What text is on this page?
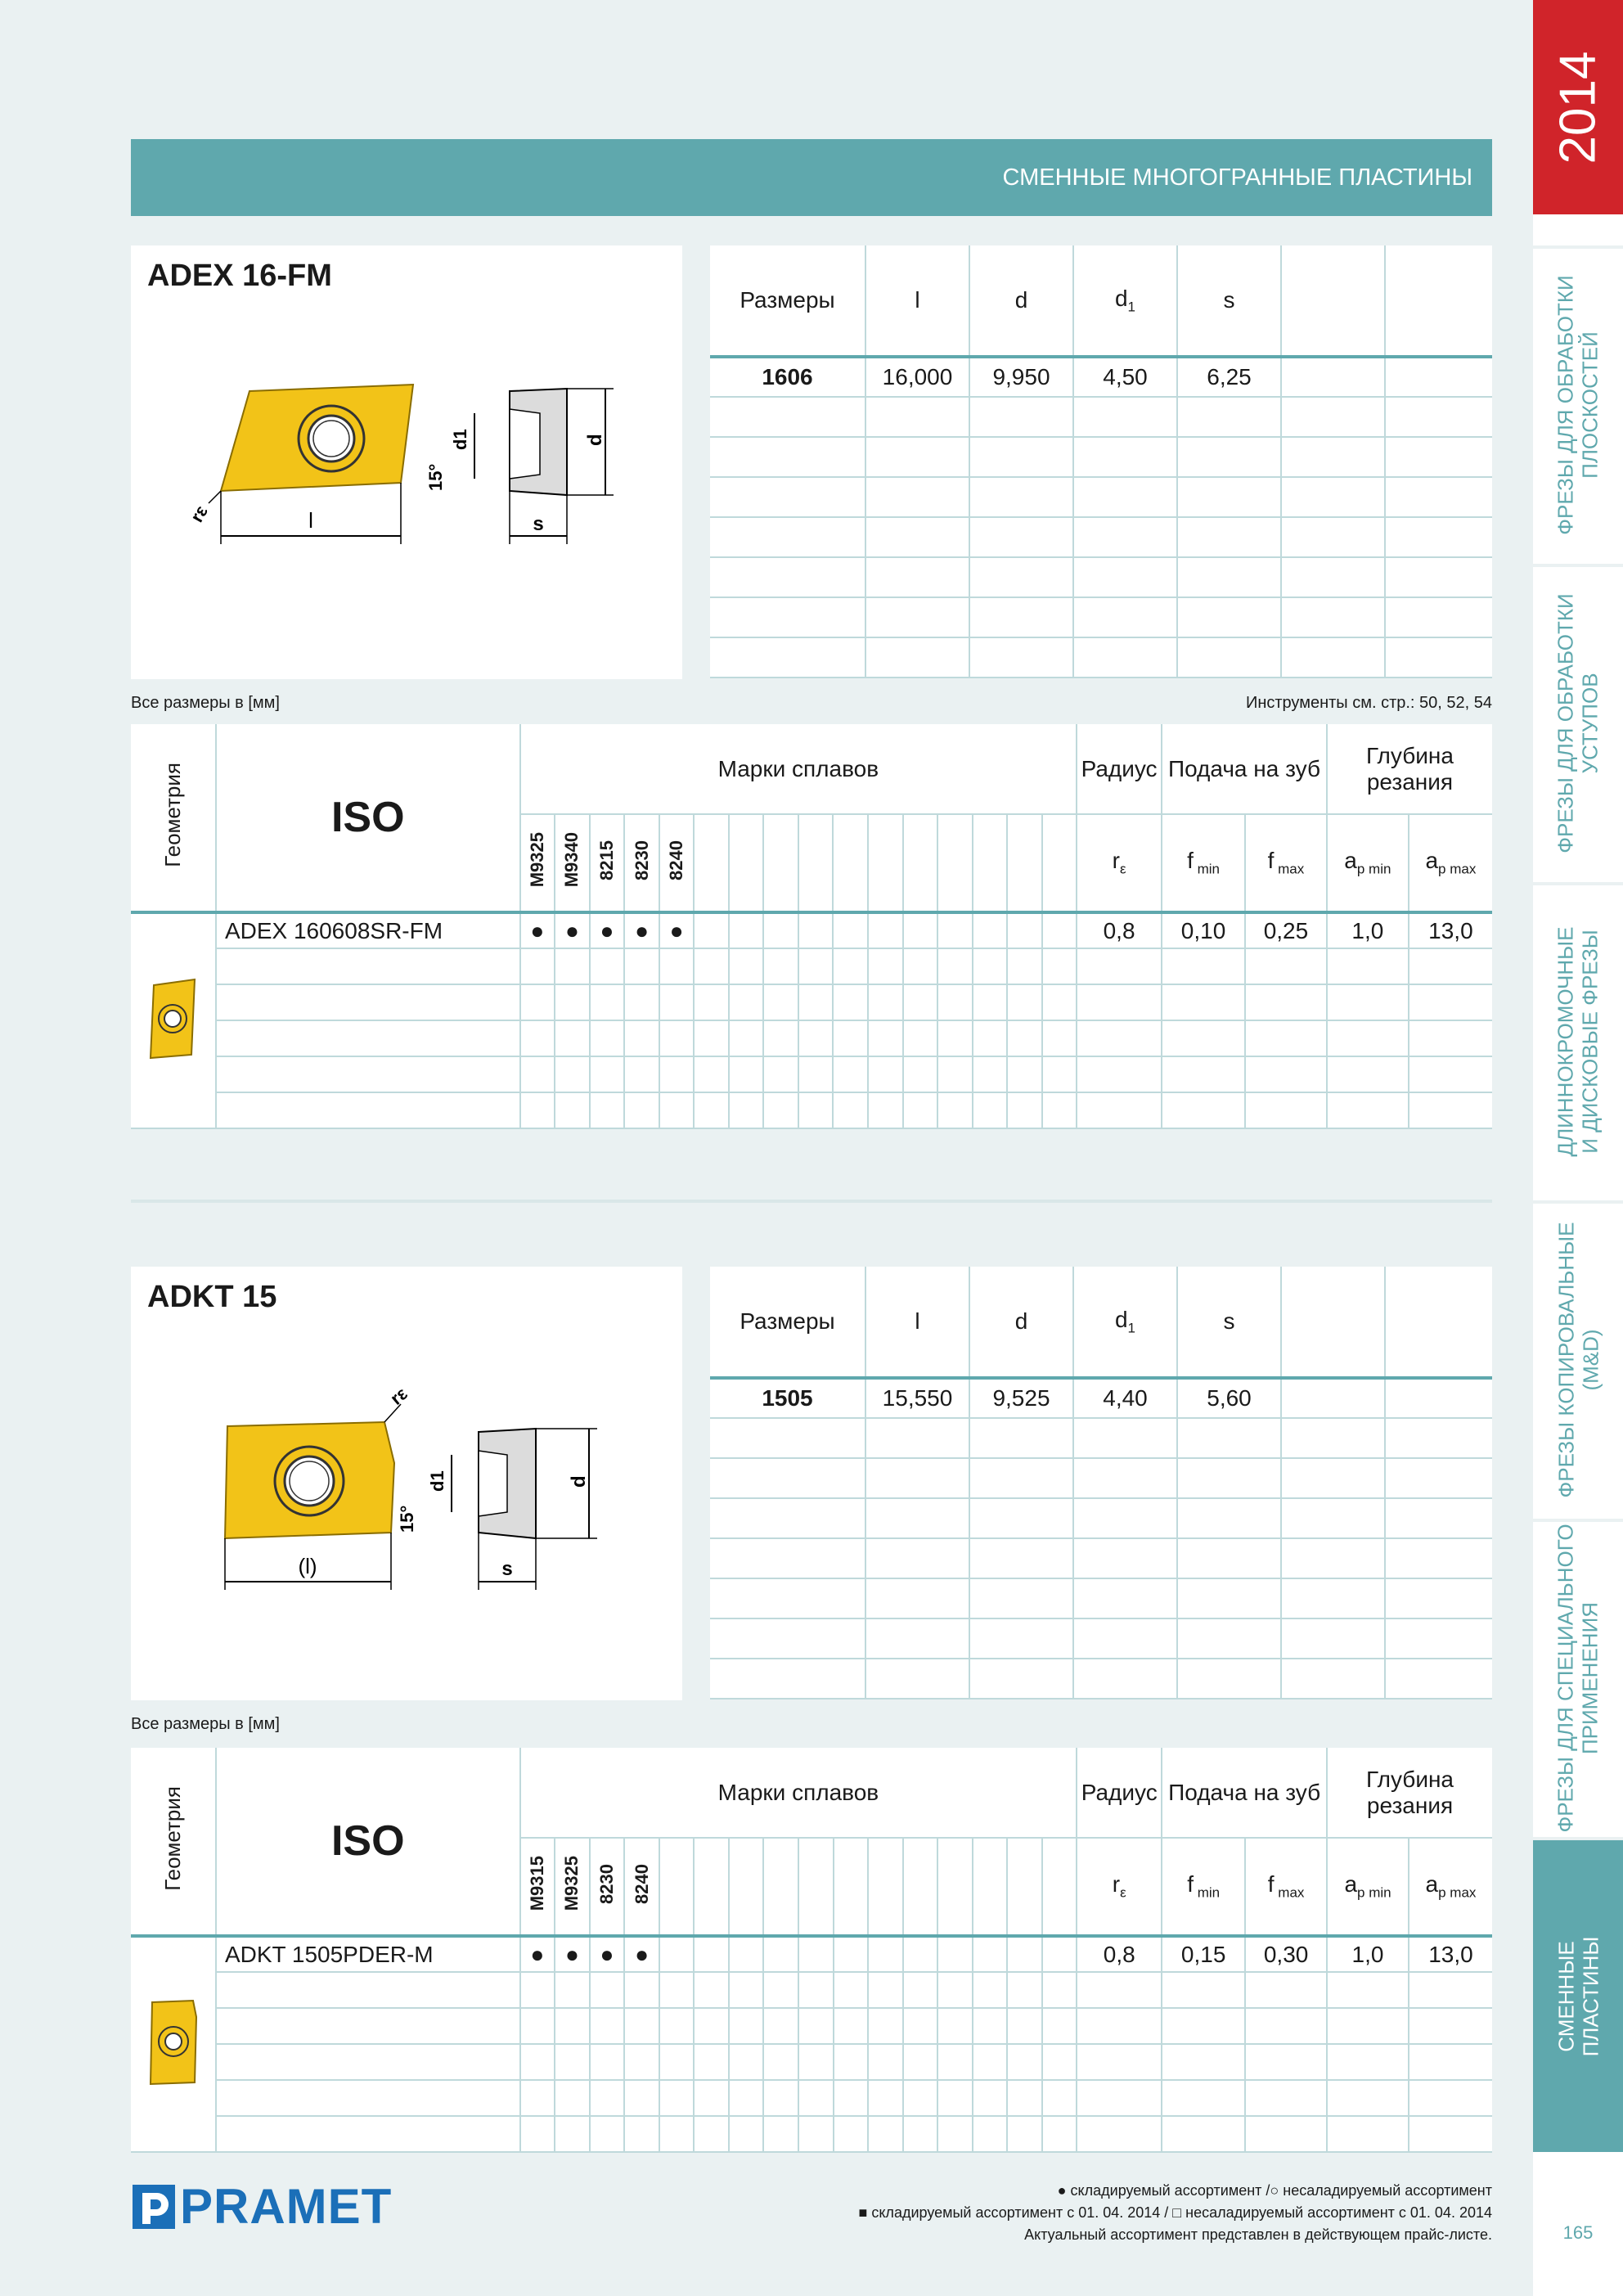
СМЕННЫЕ МНОГОГРАННЫЕ ПЛАСТИНЫ
2014
ФРЕЗЫ ДЛЯ ОБРАБОТКИ ПЛОСКОСТЕЙ
ФРЕЗЫ ДЛЯ ОБРАБОТКИ УСТУПОВ
ДЛИННОКРОМОЧНЫЕ И ДИСКОВЫЕ ФРЕЗЫ
ФРЕЗЫ КОПИРОВАЛЬНЫЕ (M&D)
ФРЕЗЫ ДЛЯ СПЕЦИАЛЬНОГО ПРИМЕНЕНИЯ
СМЕННЫЕ ПЛАСТИНЫ
165
ADEX 16-FM
l
rε
d
d1
s
15°
Размеры	l	d	$d_1$	s		
1606	16,000	9,950	4,50	6,25		

Все размеры в [мм]	Инструменты см. стр.: 50, 52, 54
Геометрия	ISO	Марки сплавов																Радиус	Подача на зуб		Глубина резания	
		M9325	M9340	8215	8230	8240												$r_\varepsilon$	f $_{min}$	f $_{max}$	$a_{p min}$	$a_{p max}$
	ADEX 160608SR-FM	●	●	●	●	●												0,8	0,10	0,25	1,0	13,0

ADKT 15
(l)
rε
d
d1
s
15°
Размеры	l	d	$d_1$	s		
1505	15,550	9,525	4,40	5,60		

Все размеры в [мм]
Геометрия	ISO	Марки сплавов																Радиус	Подача на зуб		Глубина резания	
		M9315	M9325	8230	8240													$r_\varepsilon$	f $_{min}$	f $_{max}$	$a_{p min}$	$a_{p max}$
	ADKT 1505PDER-M	●	●	●	●													0,8	0,15	0,30	1,0	13,0

PRAMET	● складируемый ассортимент /○ несаладируемый ассортимент
■ складируемый ассортимент с 01. 04. 2014 / □ несаладируемый ассортимент с 01. 04. 2014
Актуальный ассортимент представлен в действующем прайс-листе.
